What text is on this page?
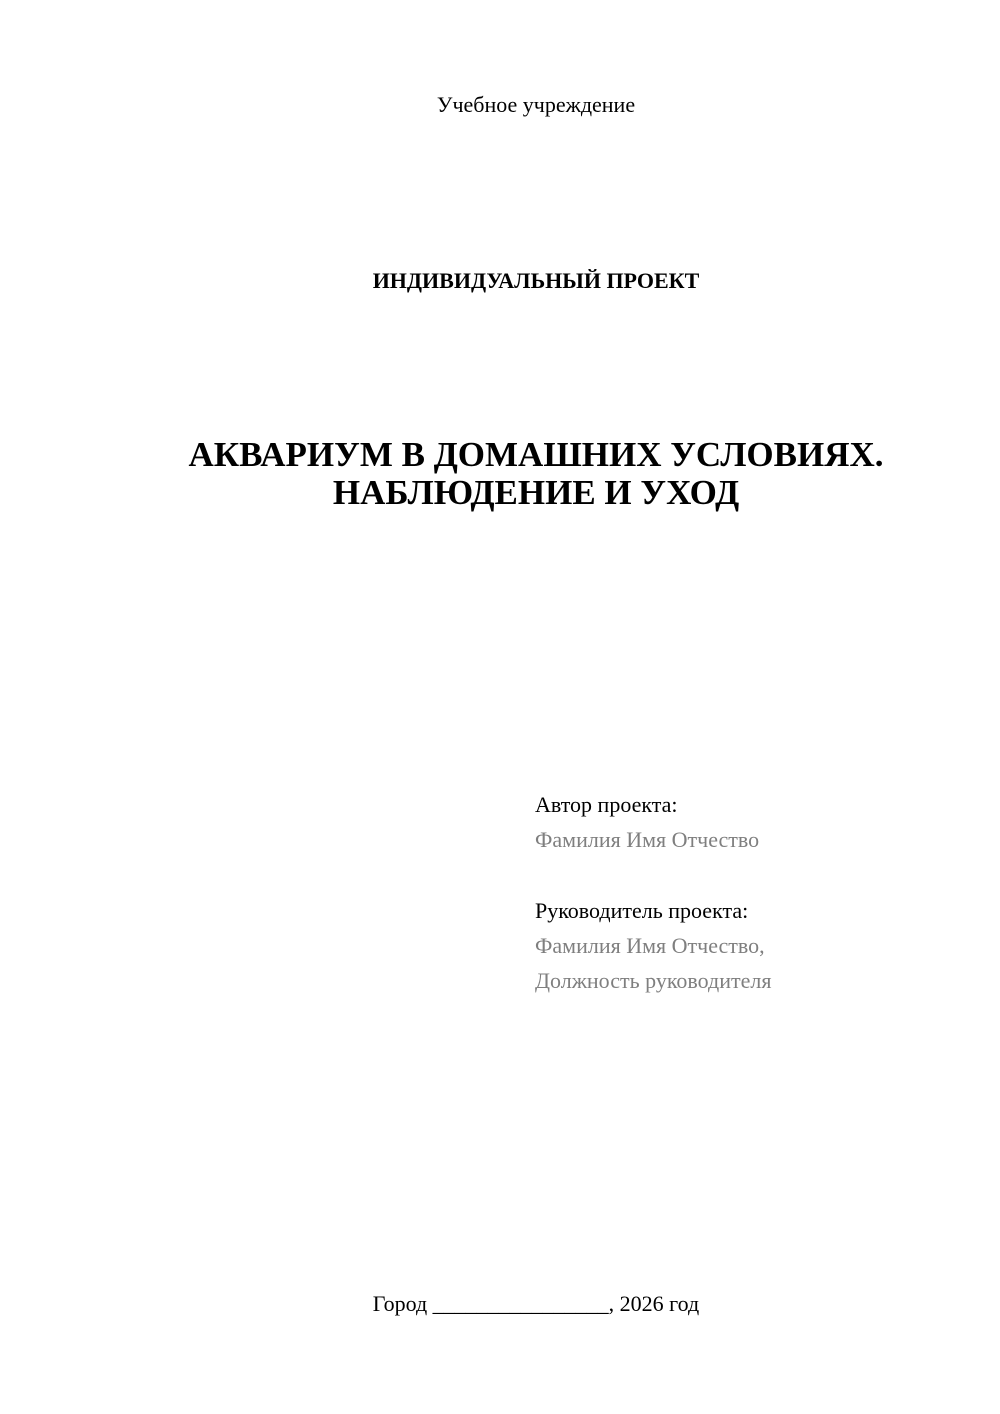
Учебное учреждение
ИНДИВИДУАЛЬНЫЙ ПРОЕКТ
АКВАРИУМ В ДОМАШНИХ УСЛОВИЯХ.
НАБЛЮДЕНИЕ И УХОД
Автор проекта:
Фамилия Имя Отчество
Руководитель проекта:
Фамилия Имя Отчество,
Должность руководителя
Город ________________, 2026 год
